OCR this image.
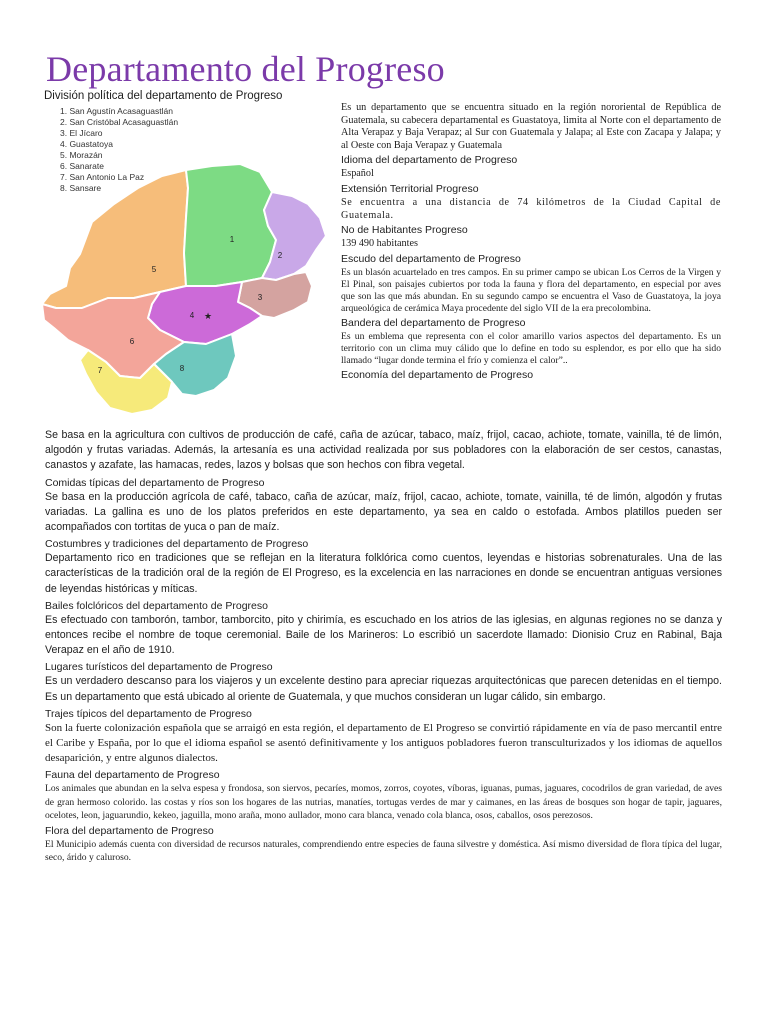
Departamento del Progreso
División política del departamento de Progreso
1. San Agustín Acasaguastlán
2. San Cristóbal Acasaguastlán
3. El Jícaro
4. Guastatoya
5. Morazán
6. Sanarate
7. San Antonio La Paz
8. Sansare
1
2
3
4
5
6
7	8
★

Es un departamento que se encuentra situado en la región nororiental de República de Guatemala, su cabecera departamental es Guastatoya, limita al Norte con el departamento de Alta Verapaz y Baja Verapaz; al Sur con Guatemala y Jalapa; al Este con Zacapa y Jalapa; y al Oeste con Baja Verapaz y Guatemala

Idioma del departamento de Progreso

Español

Extensión Territorial Progreso

Se encuentra a una distancia de 74 kilómetros de la Ciudad Capital de Guatemala.

No de Habitantes Progreso

139 490 habitantes

Escudo del departamento de Progreso

Es un blasón acuartelado en tres campos. En su primer campo se ubican Los Cerros de la Virgen y El Pinal, son paisajes cubiertos por toda la fauna y flora del departamento, en especial por aves que son las que más abundan. En su segundo campo se encuentra el Vaso de Guastatoya, la joya arqueológica de cerámica Maya procedente del siglo VII de la era precolombina.

Bandera del departamento de Progreso

Es un emblema que representa con el color amarillo varios aspectos del departamento. Es un territorio con un clima muy cálido que lo define en todo su esplendor, es por ello que ha sido llamado “lugar donde termina el frío y comienza el calor”..

Economía del departamento de Progreso

Se basa en la agricultura con cultivos de producción de café, caña de azúcar, tabaco, maíz, frijol, cacao, achiote, tomate, vainilla, té de limón, algodón y frutas variadas. Además, la artesanía es una actividad realizada por sus pobladores con la elaboración de ser cestos, canastas, canastos y azafate, las hamacas, redes, lazos y bolsas que son hechos con fibra vegetal.

Comidas típicas del departamento de Progreso

Se basa en la producción agrícola de café, tabaco, caña de azúcar, maíz, frijol, cacao, achiote, tomate, vainilla, té de limón, algodón y frutas variadas. La gallina es uno de los platos preferidos en este departamento, ya sea en caldo o estofada. Ambos platillos pueden ser acompañados con tortitas de yuca o pan de maíz.

Costumbres y tradiciones del departamento de Progreso

Departamento rico en tradiciones que se reflejan en la literatura folklórica como cuentos, leyendas e historias sobrenaturales. Una de las características de la tradición oral de la región de El Progreso, es la excelencia en las narraciones en donde se encuentran antiguas versiones de leyendas históricas y míticas.

Bailes folclóricos del departamento de Progreso

Es efectuado con tamborón, tambor, tamborcito, pito y chirimía, es escuchado en los atrios de las iglesias, en algunas regiones no se danza y entonces recibe el nombre de toque ceremonial. Baile de los Marineros: Lo escribió un sacerdote llamado: Dionisio Cruz en Rabinal, Baja Verapaz en el año de 1910.

Lugares turísticos del departamento de Progreso

Es un verdadero descanso para los viajeros y un excelente destino para apreciar riquezas arquitectónicas que parecen detenidas en el tiempo. Es un departamento que está ubicado al oriente de Guatemala, y que muchos consideran un lugar cálido, sin embargo.

Trajes típicos del departamento de Progreso

Son la fuerte colonización española que se arraigó en esta región, el departamento de El Progreso se convirtió rápidamente en vía de paso mercantil entre el Caribe y España, por lo que el idioma español se asentó definitivamente y los antiguos pobladores fueron transculturizados y los idiomas de aquellos desaparición, y entre algunos dialectos.

Fauna del departamento de Progreso

Los animales que abundan en la selva espesa y frondosa, son siervos, pecaríes, momos, zorros, coyotes, víboras, iguanas, pumas, jaguares, cocodrilos de gran variedad, de aves de gran hermoso colorido. las costas y ríos son los hogares de las nutrias, manatíes, tortugas verdes de mar y caimanes, en las áreas de bosques son hogar de tapir, jaguares, ocelotes, leon, jaguarundio, kekeo, jaguilla, mono araña, mono aullador, mono cara blanca, venado cola blanca, osos, caballos, osos perezosos.

Flora del departamento de Progreso

El Municipio además cuenta con diversidad de recursos naturales, comprendiendo entre especies de fauna silvestre y doméstica. Así mismo diversidad de flora típica del lugar, seco, árido y caluroso.
